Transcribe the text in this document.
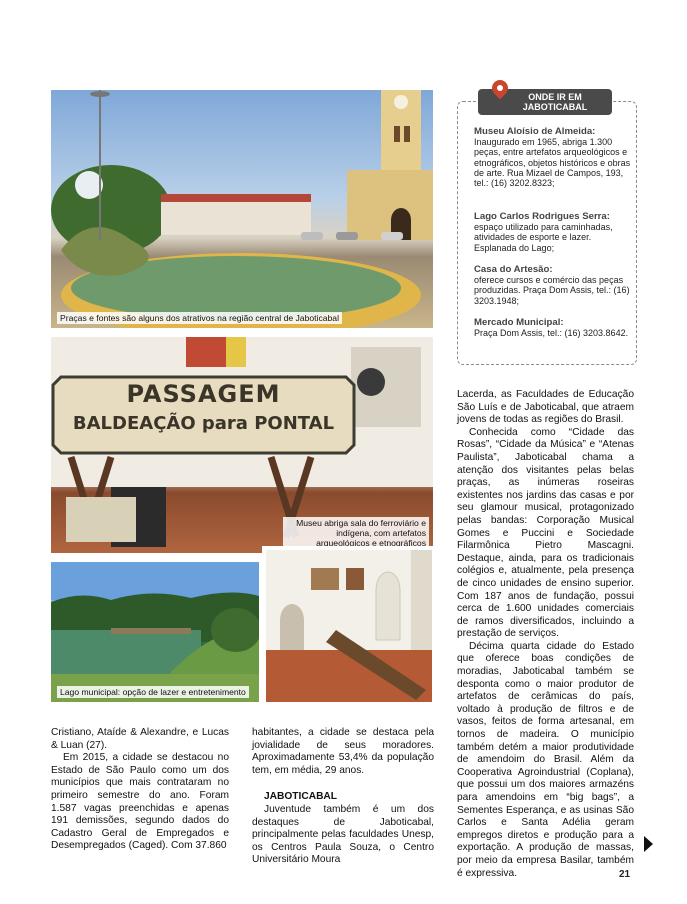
Praças e fontes são alguns dos atrativos na região central de Jaboticabal
PASSAGEM
BALDEAÇÃO para PONTAL
Museu abriga sala do ferroviário e indígena, com artefatos arqueológicos e etnográficos
Lago municipal: opção de lazer e entretenimento
ONDE IR EM JABOTICABAL
Museu Aloísio de Almeida:
Inaugurado em 1965, abriga 1.300 peças, entre artefatos arqueológicos e etnográficos, objetos históricos e obras de arte. Rua Mizael de Campos, 193, tel.: (16) 3202.8323;
Lago Carlos Rodrigues Serra:
espaço utilizado para caminhadas, atividades de esporte e lazer. Esplanada do Lago;
Casa do Artesão:
oferece cursos e comércio das peças produzidas. Praça Dom Assis, tel.: (16) 3203.1948;
Mercado Municipal:
Praça Dom Assis, tel.: (16) 3203.8642.

Lacerda, as Faculdades de Educação São Luís e de Jaboticabal, que atraem jovens de todas as regiões do Brasil.

Conhecida como “Cidade das Rosas”, “Cidade da Música” e “Atenas Paulista”, Jaboticabal chama a atenção dos visitantes pelas belas praças, as inúmeras roseiras existentes nos jardins das casas e por seu glamour musical, protagonizado pelas bandas: Corporação Musical Gomes e Puccini e Sociedade Filarmônica Pietro Mascagni. Destaque, ainda, para os tradicionais colégios e, atualmente, pela presença de cinco unidades de ensino superior. Com 187 anos de fundação, possui cerca de 1.600 unidades comerciais de ramos diversificados, incluindo a prestação de serviços.

Décima quarta cidade do Estado que oferece boas condições de moradias, Jaboticabal também se desponta como o maior produtor de artefatos de cerâmicas do país, voltado à produção de filtros e de vasos, feitos de forma artesanal, em tornos de madeira. O município também detém a maior produtividade de amendoim do Brasil. Além da Cooperativa Agroindustrial (Coplana), que possui um dos maiores armazéns para amendoins em “big bags”, a Sementes Esperança, e as usinas São Carlos e Santa Adélia geram empregos diretos e produção para a exportação. A produção de massas, por meio da empresa Basilar, também é expressiva.

Cristiano, Ataíde & Alexandre, e Lucas & Luan (27).

Em 2015, a cidade se destacou no Estado de São Paulo como um dos municípios que mais contrataram no primeiro semestre do ano. Foram 1.587 vagas preenchidas e apenas 191 demissões, segundo dados do Cadastro Geral de Empregados e Desempregados (Caged). Com 37.860

habitantes, a cidade se destaca pela jovialidade de seus moradores. Aproximadamente 53,4% da população tem, em média, 29 anos.

JABOTICABAL

Juventude também é um dos destaques de Jaboticabal, principalmente pelas faculdades Unesp, os Centros Paula Souza, o Centro Universitário Moura

21
